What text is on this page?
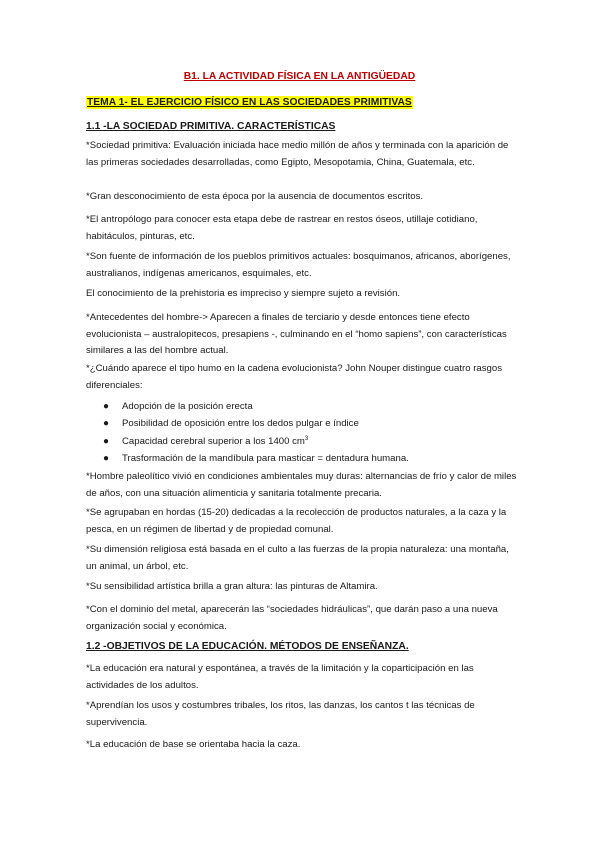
B1. LA ACTIVIDAD FÍSICA EN LA ANTIGÜEDAD
TEMA 1- EL EJERCICIO FÍSICO EN LAS SOCIEDADES PRIMITIVAS
1.1 -LA SOCIEDAD PRIMITIVA. CARACTERÍSTICAS
*Sociedad primitiva: Evaluación iniciada hace medio millón de años y terminada con la aparición de las primeras sociedades desarrolladas, como Egipto, Mesopotamia, China, Guatemala, etc.
*Gran desconocimiento de esta época por la ausencia de documentos escritos.
*El antropólogo para conocer esta etapa debe de rastrear en restos óseos, utillaje cotidiano, habitáculos, pinturas, etc.
*Son fuente de información de los pueblos primitivos actuales: bosquimanos, africanos, aborígenes, australianos, indígenas americanos, esquimales, etc.
El conocimiento de la prehistoria es impreciso y siempre sujeto a revisión.
*Antecedentes del hombre-> Aparecen a finales de terciario y desde entonces tiene efecto evolucionista – australopitecos, presapiens -, culminando en el “homo sapiens”, con características similares a las del hombre actual.
*¿Cuándo aparece el tipo humo en la cadena evolucionista? John Nouper distingue cuatro rasgos diferenciales:
● Adopción de la posición erecta
● Posibilidad de oposición entre los dedos pulgar e índice
● Capacidad cerebral superior a los 1400 $cm^3$
● Trasformación de la mandíbula para masticar = dentadura humana.
*Hombre paleolítico vivió en condiciones ambientales muy duras: alternancias de frío y calor de miles de años, con una situación alimenticia y sanitaria totalmente precaria.
*Se agrupaban en hordas (15-20) dedicadas a la recolección de productos naturales, a la caza y la pesca, en un régimen de libertad y de propiedad comunal.
*Su dimensión religiosa está basada en el culto a las fuerzas de la propia naturaleza: una montaña, un animal, un árbol, etc.
*Su sensibilidad artística brilla a gran altura: las pinturas de Altamira.
*Con el dominio del metal, aparecerán las “sociedades hidráulicas”, que darán paso a una nueva organización social y económica.
1.2 -OBJETIVOS DE LA EDUCACIÓN. MÉTODOS DE ENSEÑANZA.
*La educación era natural y espontánea, a través de la limitación y la coparticipación en las actividades de los adultos.
*Aprendían los usos y costumbres tribales, los ritos, las danzas, los cantos t las técnicas de supervivencia.
*La educación de base se orientaba hacia la caza.
